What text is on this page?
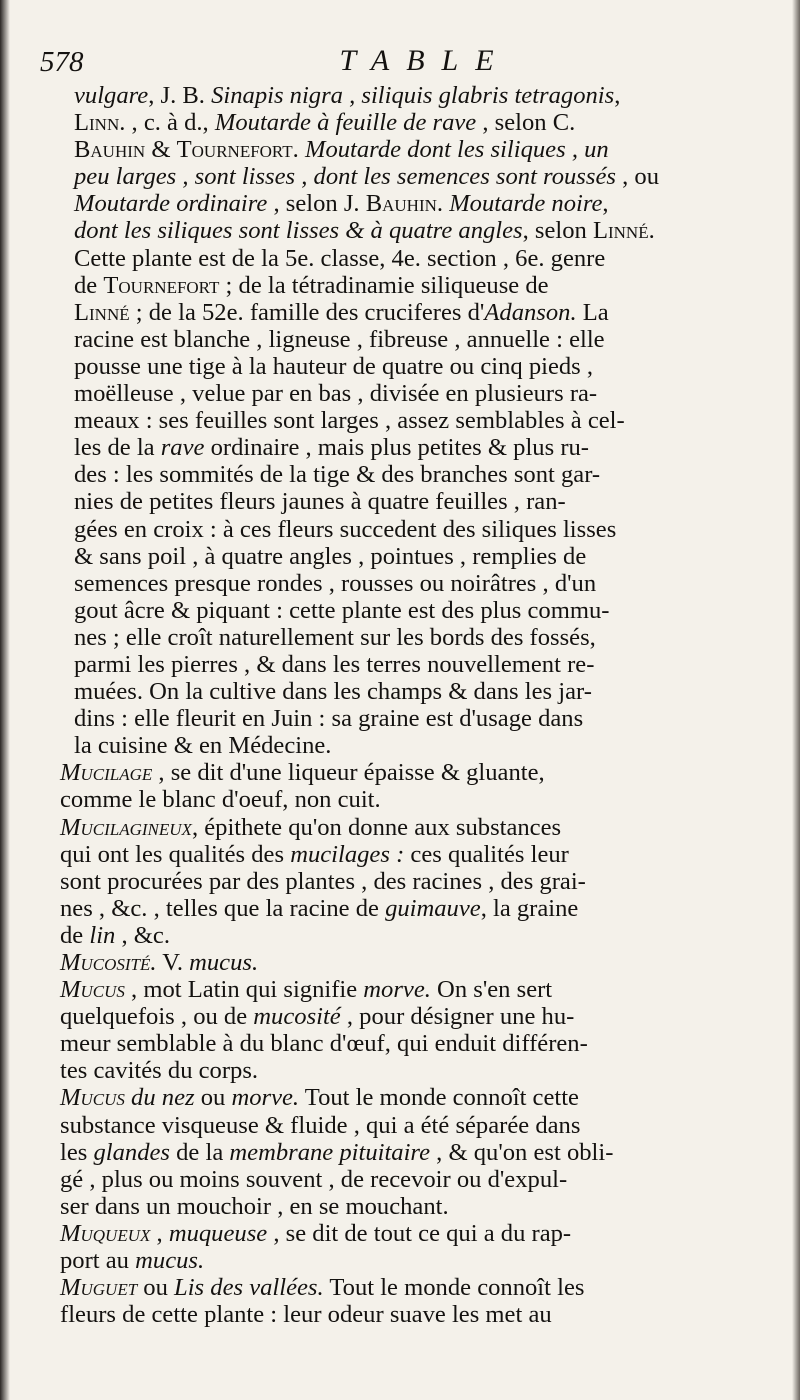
578	TABLE
vulgare, J. B. Sinapis nigra , siliquis glabris tetragonis,
Linn. , c. à d., Moutarde à feuille de rave , selon C.
Bauhin & Tournefort. Moutarde dont les siliques , un
peu larges , sont lisses , dont les semences sont roussés , ou
Moutarde ordinaire , selon J. Bauhin. Moutarde noire,
dont les siliques sont lisses & à quatre angles, selon Linné.
Cette plante est de la 5e. classe, 4e. section , 6e. genre
de Tournefort ; de la tétradinamie siliqueuse de
Linné ; de la 52e. famille des cruciferes d'Adanson. La
racine est blanche , ligneuse , fibreuse , annuelle : elle
pousse une tige à la hauteur de quatre ou cinq pieds ,
moëlleuse , velue par en bas , divisée en plusieurs ra-
meaux : ses feuilles sont larges , assez semblables à cel-
les de la rave ordinaire , mais plus petites & plus ru-
des : les sommités de la tige & des branches sont gar-
nies de petites fleurs jaunes à quatre feuilles , ran-
gées en croix : à ces fleurs succedent des siliques lisses
& sans poil , à quatre angles , pointues , remplies de
semences presque rondes , rousses ou noirâtres , d'un
gout âcre & piquant : cette plante est des plus commu-
nes ; elle croît naturellement sur les bords des fossés,
parmi les pierres , & dans les terres nouvellement re-
muées. On la cultive dans les champs & dans les jar-
dins : elle fleurit en Juin : sa graine est d'usage dans
la cuisine & en Médecine.
Mucilage , se dit d'une liqueur épaisse & gluante,
comme le blanc d'oeuf, non cuit.
Mucilagineux, épithete qu'on donne aux substances
qui ont les qualités des mucilages : ces qualités leur
sont procurées par des plantes , des racines , des grai-
nes , &c. , telles que la racine de guimauve, la graine
de lin , &c.
Mucosité. V. mucus.
Mucus , mot Latin qui signifie morve. On s'en sert
quelquefois , ou de mucosité , pour désigner une hu-
meur semblable à du blanc d'œuf, qui enduit différen-
tes cavités du corps.
Mucus du nez ou morve. Tout le monde connoît cette
substance visqueuse & fluide , qui a été séparée dans
les glandes de la membrane pituitaire , & qu'on est obli-
gé , plus ou moins souvent , de recevoir ou d'expul-
ser dans un mouchoir , en se mouchant.
Muqueux , muqueuse , se dit de tout ce qui a du rap-
port au mucus.
Muguet ou Lis des vallées. Tout le monde connoît les
fleurs de cette plante : leur odeur suave les met au
